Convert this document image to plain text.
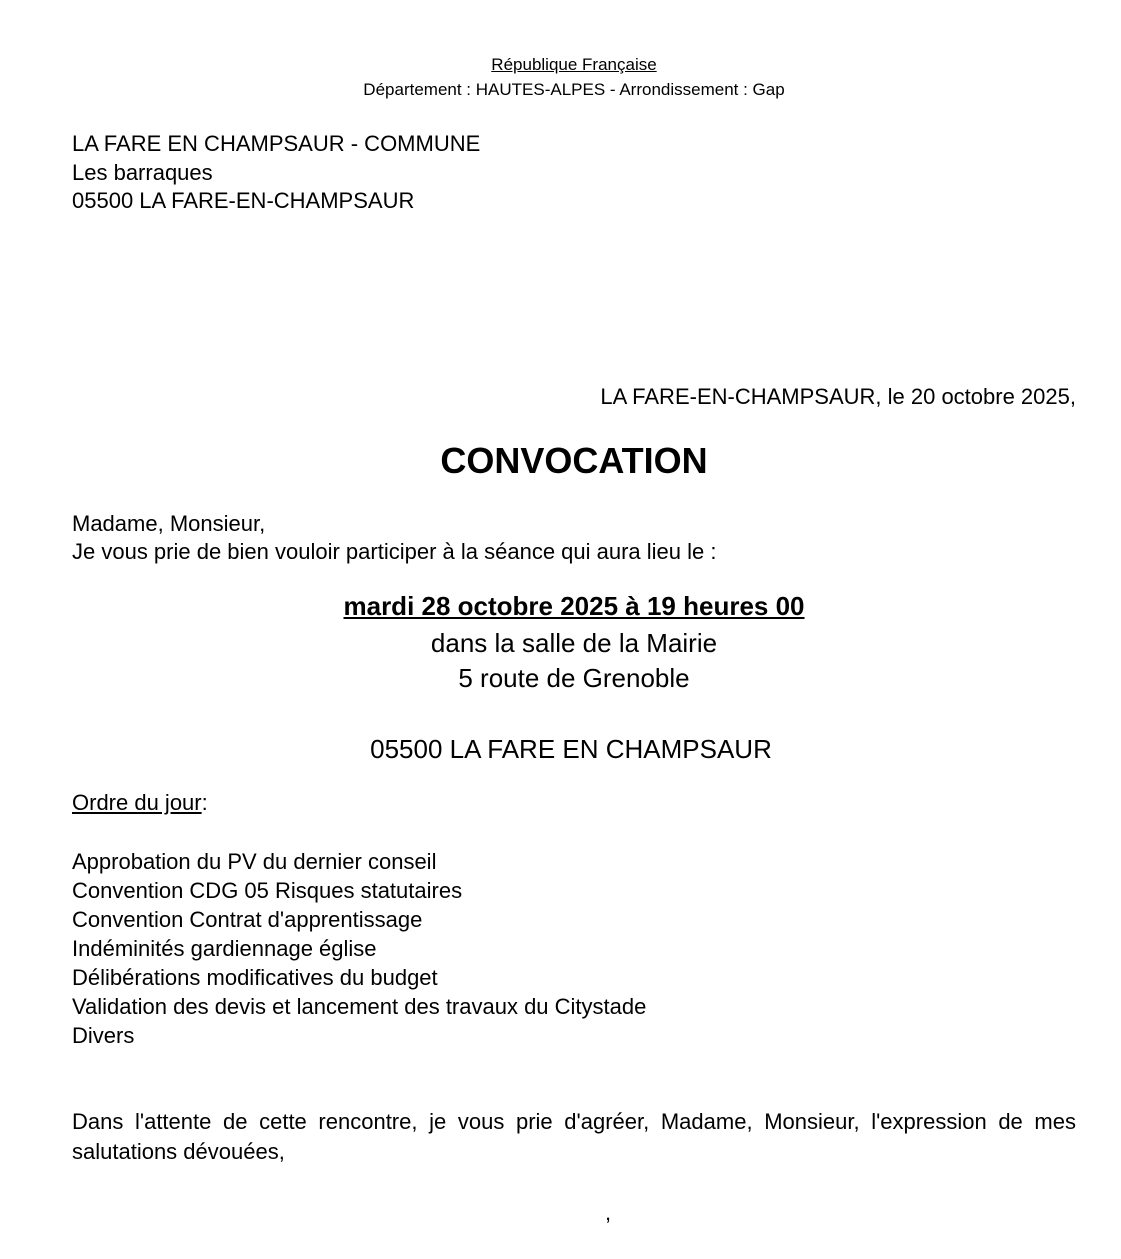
République Française
Département : HAUTES-ALPES - Arrondissement : Gap
LA FARE EN CHAMPSAUR - COMMUNE
Les barraques
05500 LA FARE-EN-CHAMPSAUR
LA FARE-EN-CHAMPSAUR, le 20 octobre 2025,
CONVOCATION
Madame, Monsieur,
Je vous prie de bien vouloir participer à la séance qui aura lieu le :
mardi 28 octobre 2025 à 19 heures 00
dans la salle de la Mairie
5 route de Grenoble
05500 LA FARE EN CHAMPSAUR
Ordre du jour:
Approbation du PV du dernier conseil
Convention CDG 05 Risques statutaires
Convention Contrat d'apprentissage
Indéminités gardiennage église
Délibérations modificatives du budget
Validation des devis et lancement des travaux du Citystade
Divers
Dans l'attente de cette rencontre, je vous prie d'agréer, Madame, Monsieur, l'expression de mes salutations dévouées,
,
